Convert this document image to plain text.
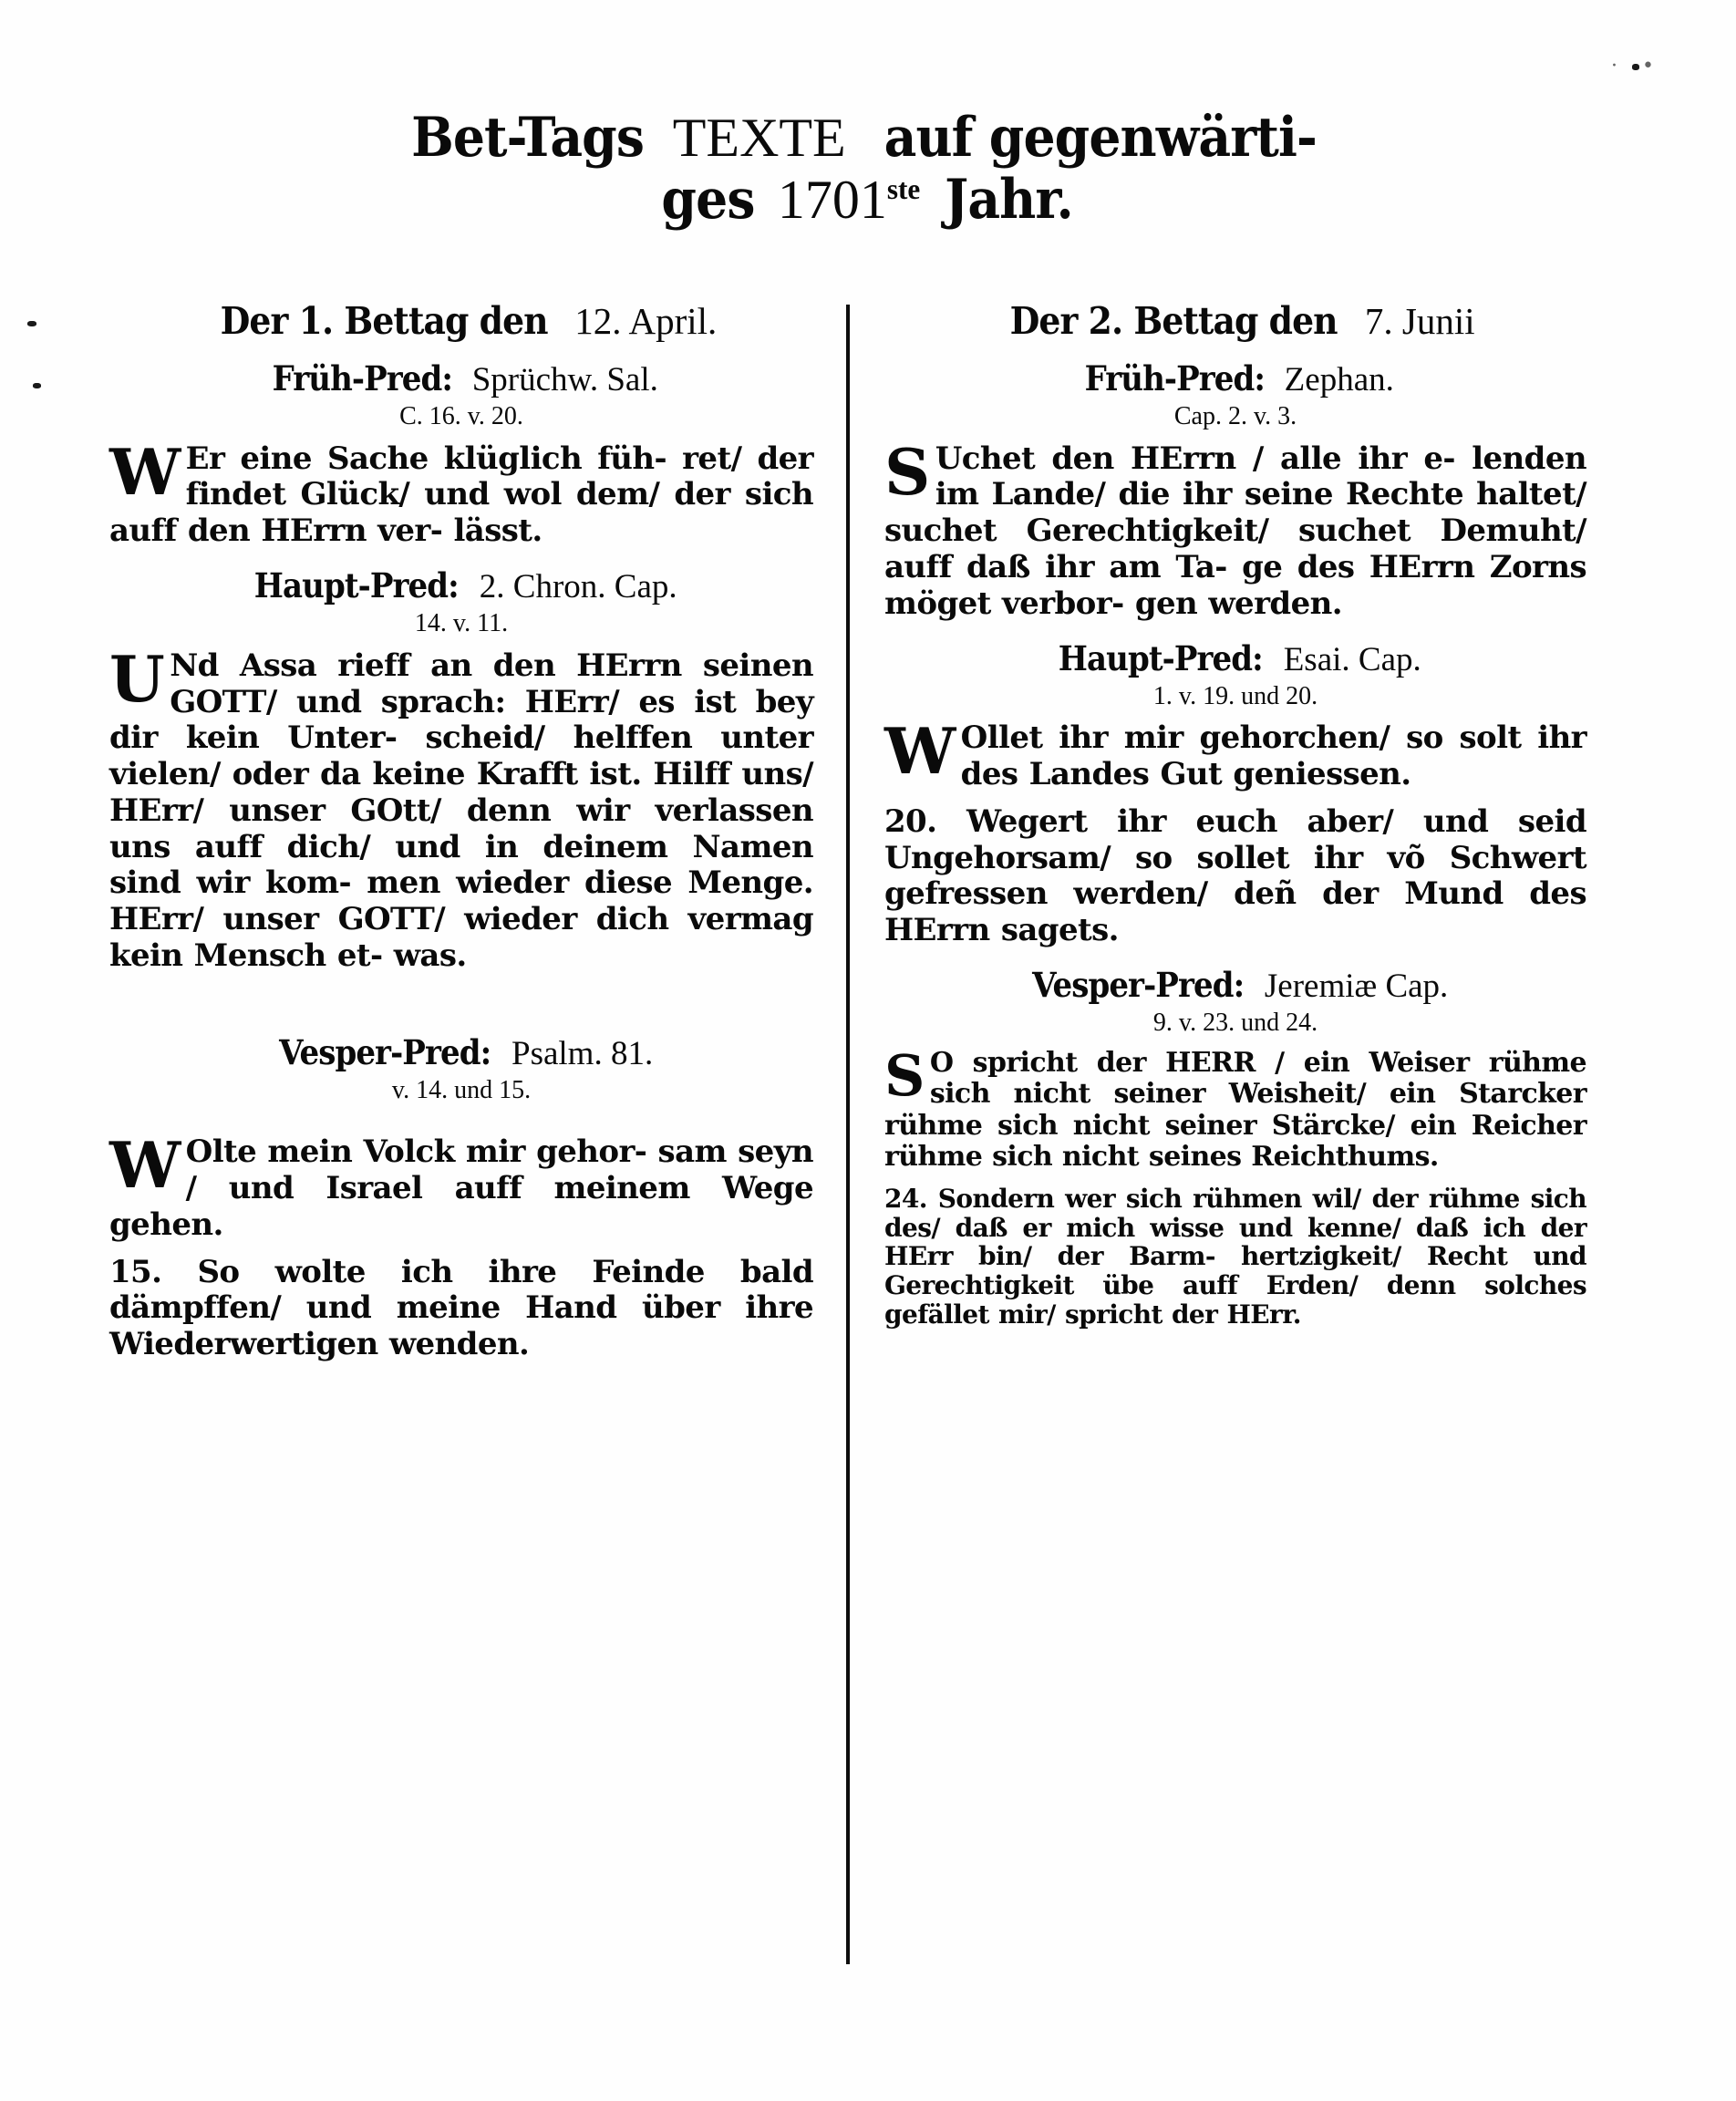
· •
Bet‐Tags TEXTE auf gegenwärti‐
ges 1701ste Jahr.
Der 1. Bettag den 12. April.
Früh‐Pred: Sprüchw. Sal.
C. 16. v. 20.
WEr eine Sache klüglich füh‐ ret/ der findet Glück/ und wol dem/ der sich auff den HErrn ver‐ lässt.
Haupt‐Pred: 2. Chron. Cap.
14. v. 11.
UNd Assa rieff an den HErrn seinen GOTT/ und sprach: HErr/ es ist bey dir kein Unter‐ scheid/ helffen unter vielen/ oder da keine Krafft ist. Hilff uns/ HErr/ unser GOtt/ denn wir verlassen uns auff dich/ und in deinem Namen sind wir kom‐ men wieder diese Menge. HErr/ unser GOTT/ wieder dich vermag kein Mensch et‐ was.
Vesper‐Pred: Psalm. 81.
v. 14. und 15.
WOlte mein Volck mir gehor‐ sam seyn / und Israel auff meinem Wege gehen.
15. So wolte ich ihre Feinde bald dämpffen/ und meine Hand über ihre Wiederwertigen wenden.
Der 2. Bettag den 7. Junii
Früh‐Pred: Zephan.
Cap. 2. v. 3.
SUchet den HErrn / alle ihr e‐ lenden im Lande/ die ihr seine Rechte haltet/ suchet Gerechtigkeit/ suchet Demuht/ auff daß ihr am Ta‐ ge des HErrn Zorns möget verbor‐ gen werden.
Haupt‐Pred: Esai. Cap.
1. v. 19. und 20.
WOllet ihr mir gehorchen/ so solt ihr des Landes Gut geniessen.
20. Wegert ihr euch aber/ und seid Ungehorsam/ so sollet ihr võ Schwert gefressen werden/ deñ der Mund des HErrn sagets.
Vesper‐Pred: Jeremiæ Cap.
9. v. 23. und 24.
SO spricht der HERR / ein Weiser rühme sich nicht seiner Weisheit/ ein Starcker rühme sich nicht seiner Stärcke/ ein Reicher rühme sich nicht seines Reichthums.
24. Sondern wer sich rühmen wil/ der rühme sich des/ daß er mich wisse und kenne/ daß ich der HErr bin/ der Barm‐ hertzigkeit/ Recht und Gerechtigkeit übe auff Erden/ denn solches gefället mir/ spricht der HErr.
